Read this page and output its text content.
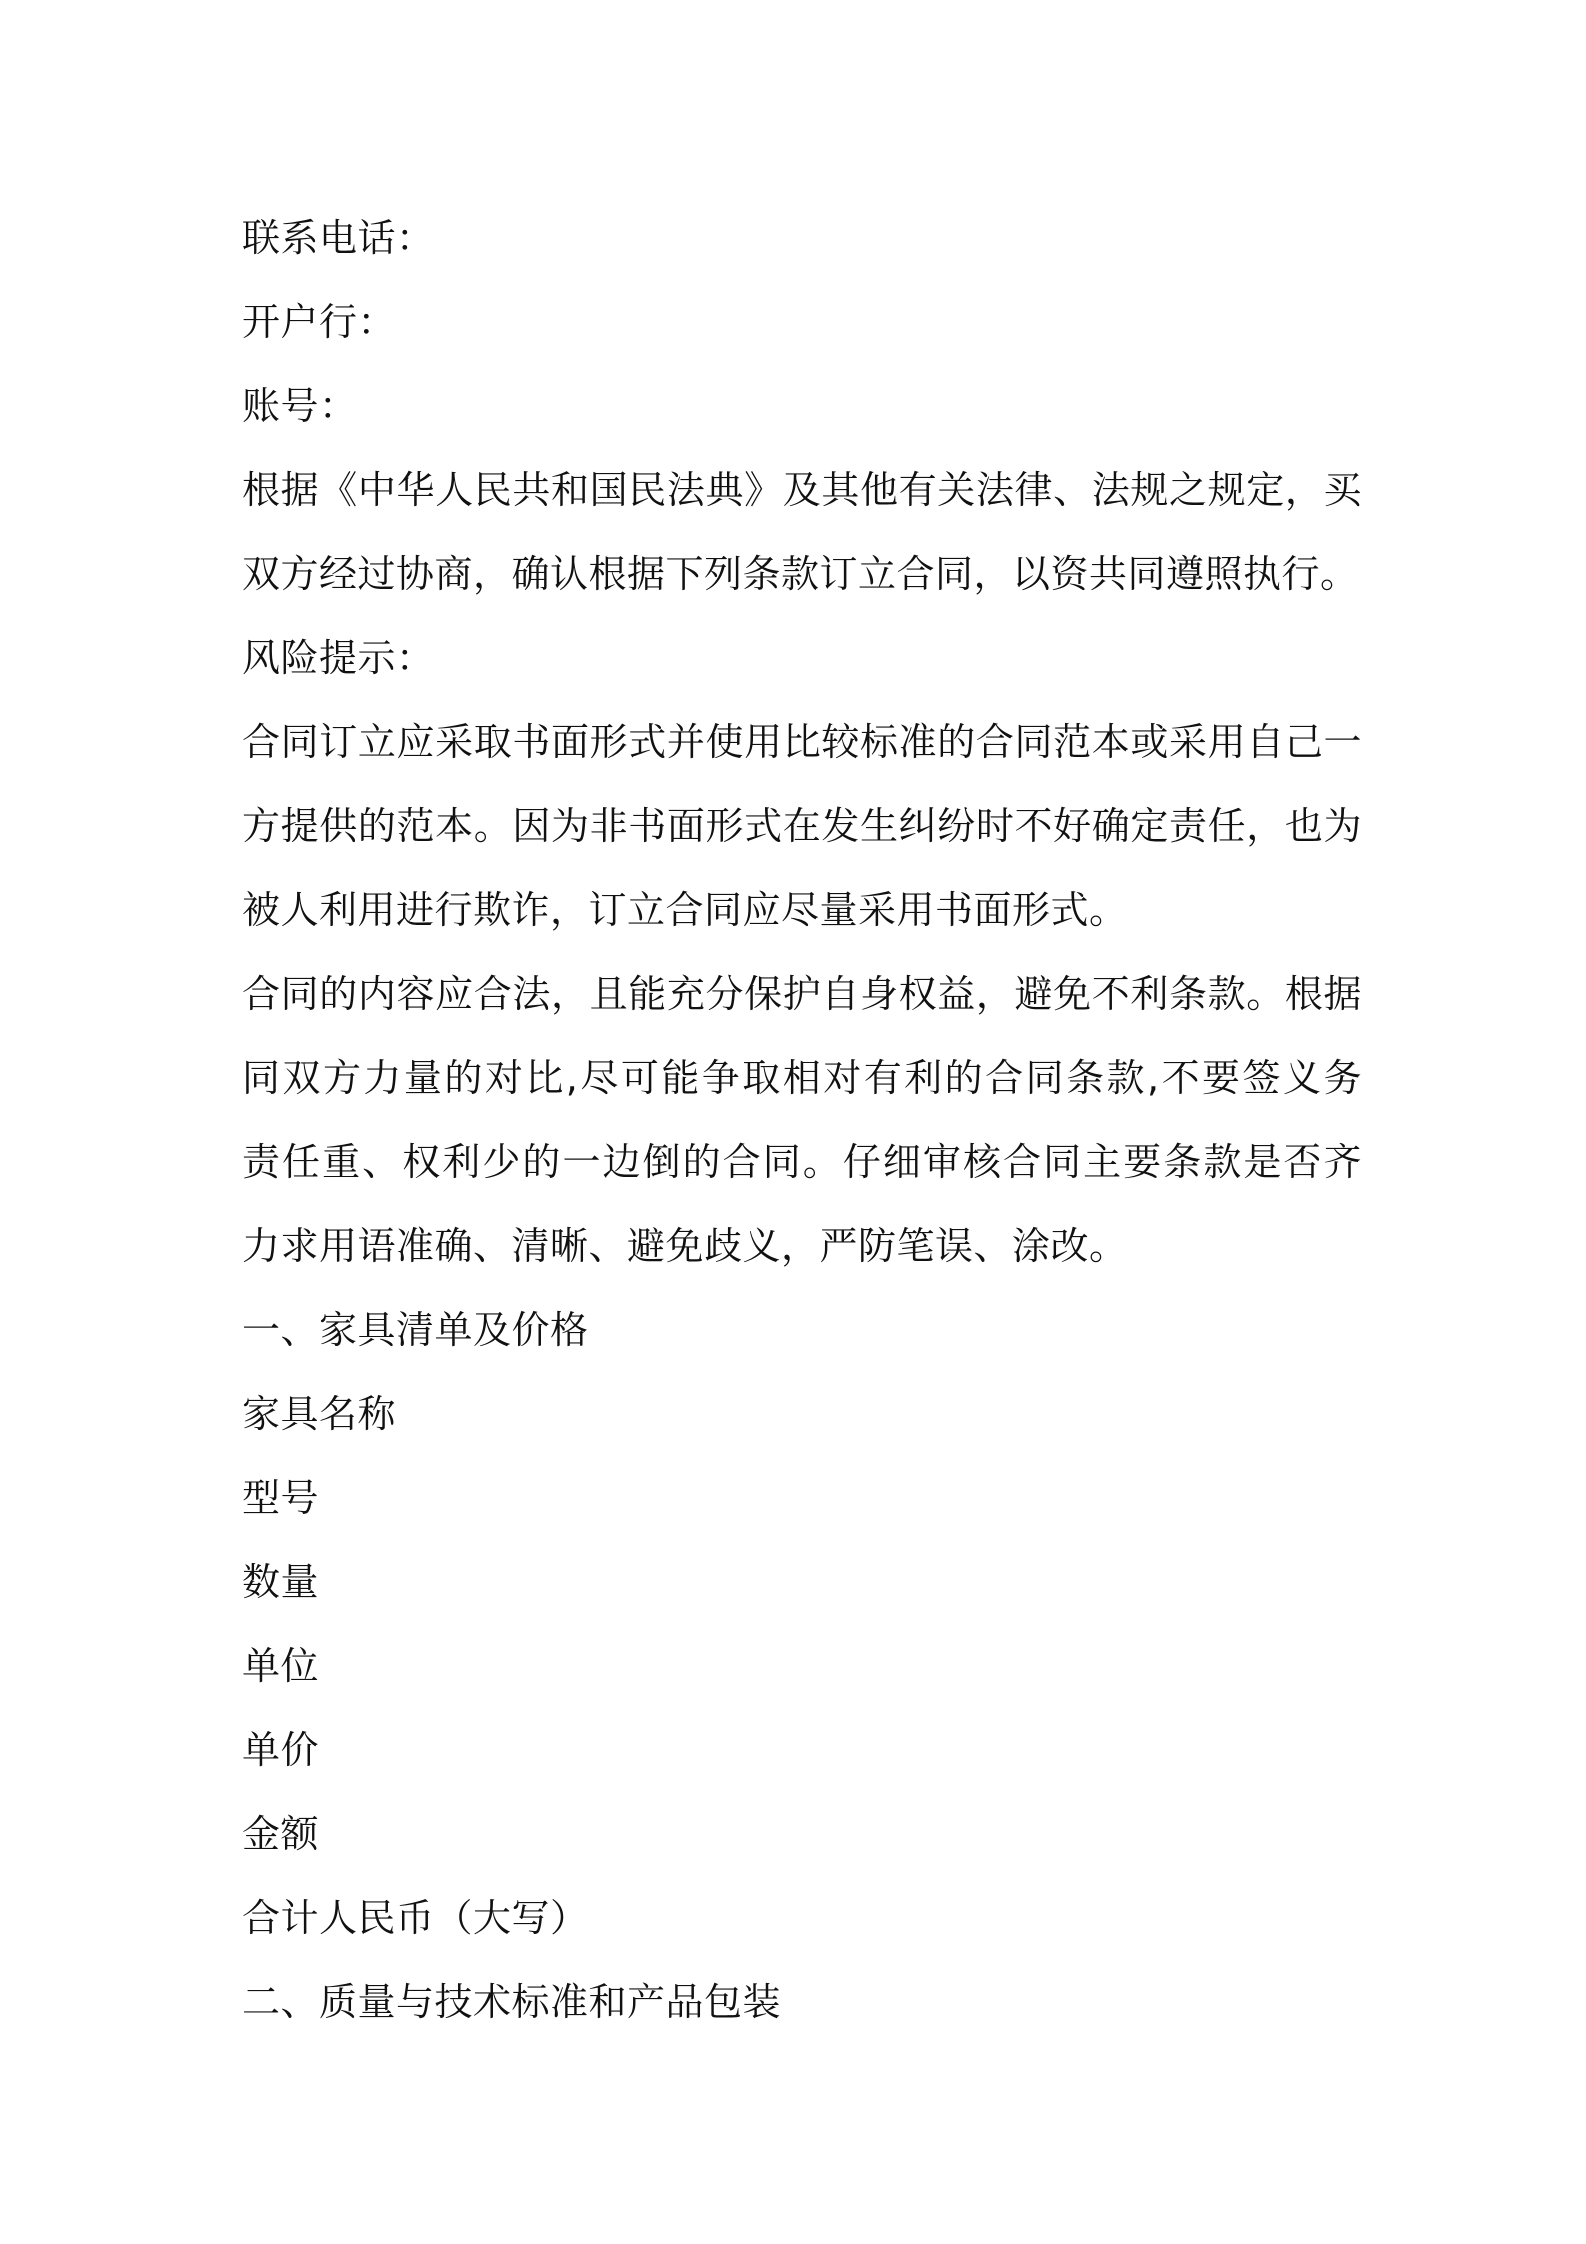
联系电话：
开户行：
账号：
根据《中华人民共和国民法典》及其他有关法律、法规之规定，买
双方经过协商，确认根据下列条款订立合同，以资共同遵照执行。
风险提示：
合同订立应采取书面形式并使用比较标准的合同范本或采用自己一
方提供的范本。因为非书面形式在发生纠纷时不好确定责任，也为
被人利用进行欺诈，订立合同应尽量采用书面形式。
合同的内容应合法，且能充分保护自身权益，避免不利条款。根据
同双方力量的对比,尽可能争取相对有利的合同条款,不要签义务
责任重、权利少的一边倒的合同。仔细审核合同主要条款是否齐
力求用语准确、清晰、避免歧义，严防笔误、涂改。
一、家具清单及价格
家具名称
型号
数量
单位
单价
金额
合计人民币（大写）
二、质量与技术标准和产品包装
